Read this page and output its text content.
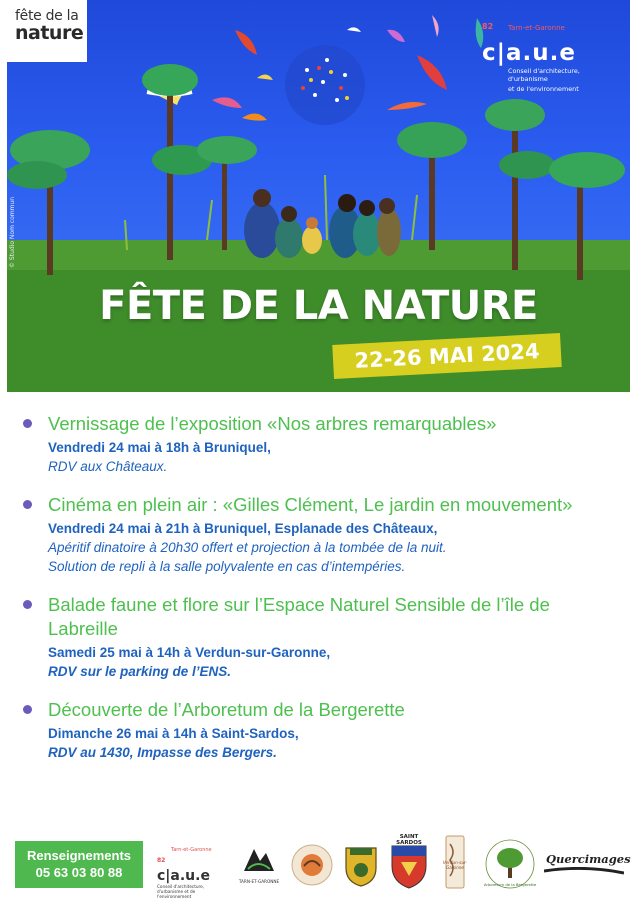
fête de la
nature	82 Tarn-et-Garonne
c|a.u.e
Conseil d'architecture, d'urbanisme
et de l'environnement
© Studio Nom commun
FÊTE DE LA NATURE
22-26 MAI 2024
Vernissage de l’exposition «Nos arbres remarquables»
Vendredi 24 mai à 18h à Bruniquel,
RDV aux Châteaux.
Cinéma en plein air : «Gilles Clément, Le jardin en mouvement»
Vendredi 24 mai à 21h à Bruniquel, Esplanade des Châteaux,
Apéritif dinatoire à 20h30 offert et projection à la tombée de la nuit.
Solution de repli à la salle polyvalente en cas d’intempéries.
Balade faune et flore sur l’Espace Naturel Sensible de l’île de Labreille
Samedi 25 mai à 14h à Verdun-sur-Garonne,
RDV sur le parking de l’ENS.
Découverte de l’Arboretum de la Bergerette
Dimanche 26 mai à 14h à Saint-Sardos,
RDV au 1430, Impasse des Bergers.
Renseignements
05 63 03 80 88
82
Tarn-et-Garonne
c|a.u.e
Conseil d'architecture, d'urbanisme et de l'environnement
TARN-ET-GARONNE
SAINT SARDOS
Verdun-sur-Garonne
Arboretum de la Bergerette
Quercimages
